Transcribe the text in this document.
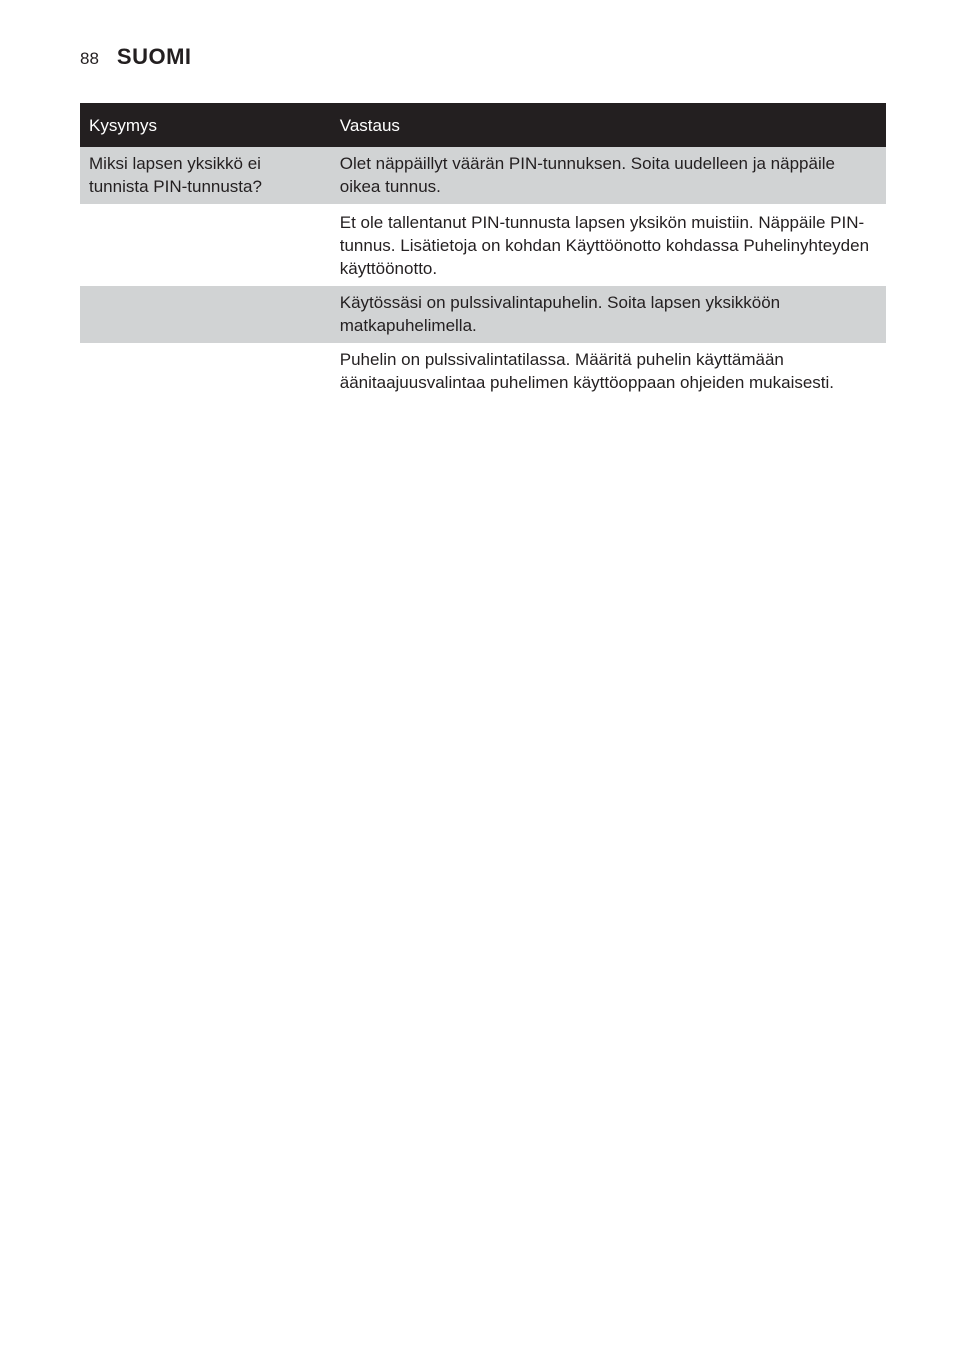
88 SUOMI
Kysymys	Vastaus
Miksi lapsen yksikkö ei tunnista PIN-tunnusta?	Olet näppäillyt väärän PIN-tunnuksen. Soita uudelleen ja näppäile oikea tunnus.
	Et ole tallentanut PIN-tunnusta lapsen yksikön muistiin. Näppäile PIN-tunnus. Lisätietoja on kohdan Käyttöönotto kohdassa Puhelinyhteyden käyttöönotto.
	Käytössäsi on pulssivalintapuhelin. Soita lapsen yksikköön matkapuhelimella.
	Puhelin on pulssivalintatilassa. Määritä puhelin käyttämään äänitaajuusvalintaa puhelimen käyttöoppaan ohjeiden mukaisesti.
